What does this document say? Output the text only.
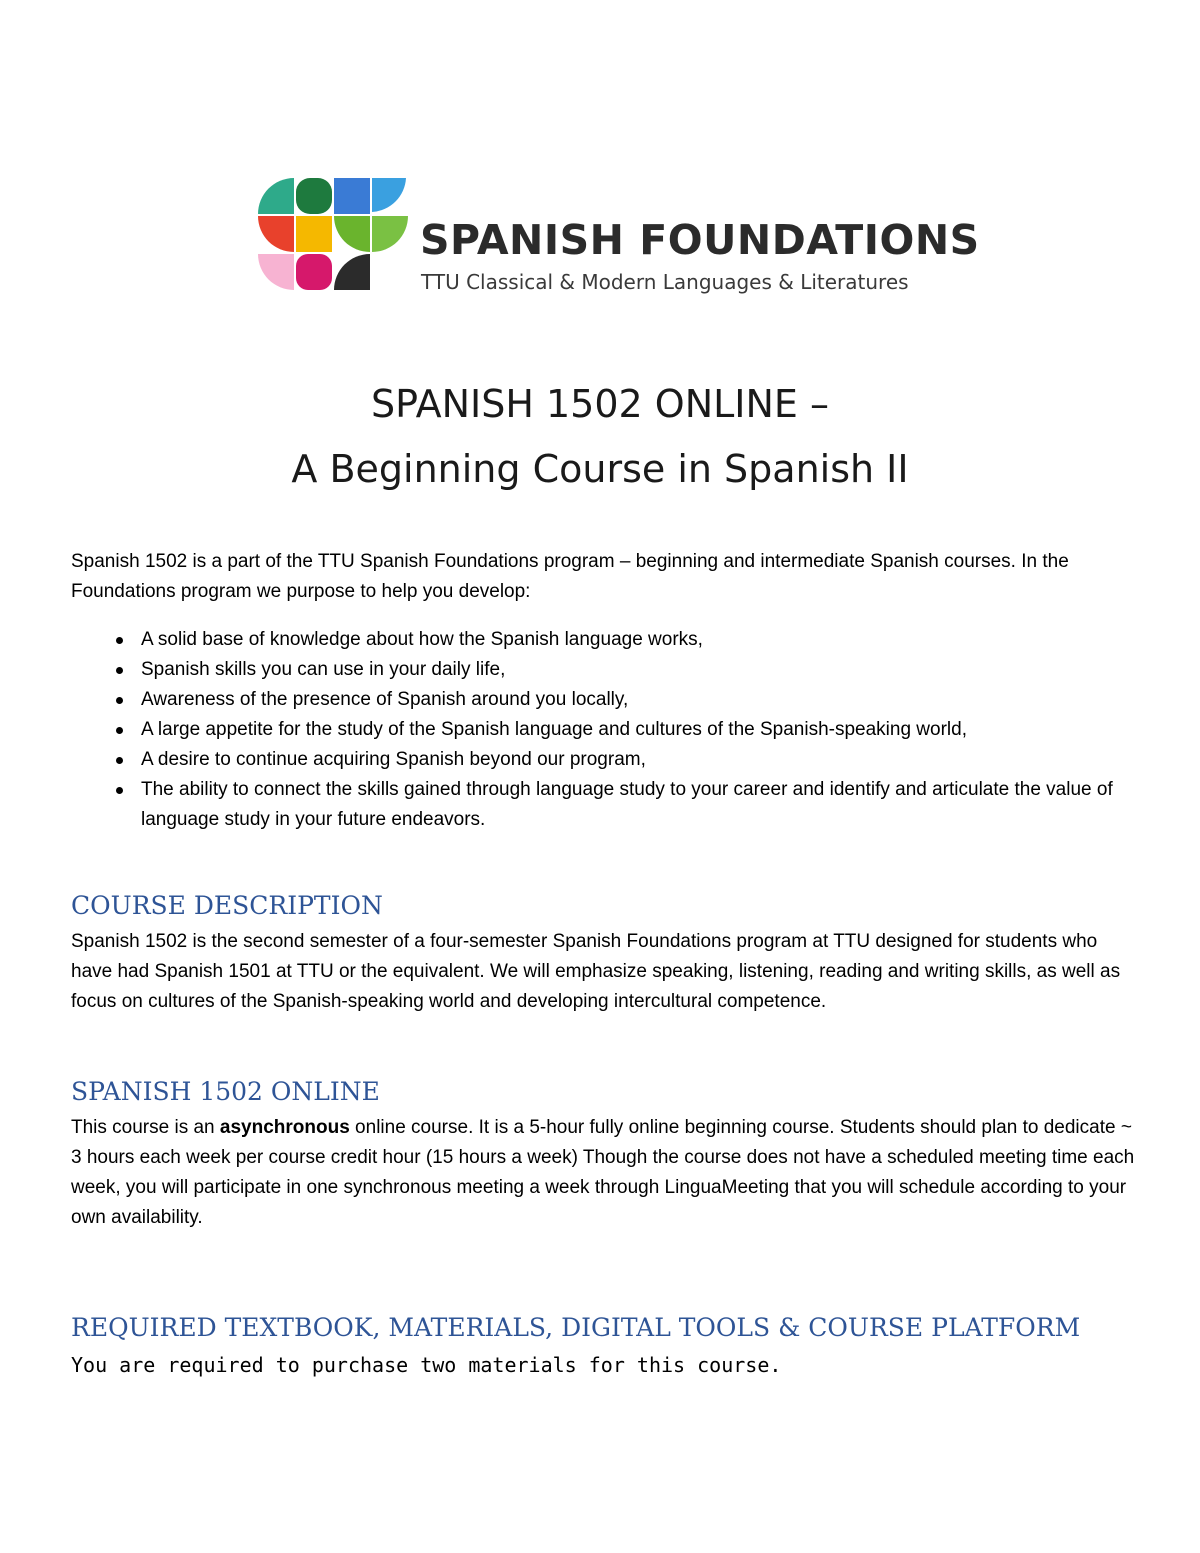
SPANISH FOUNDATIONS
TTU Classical & Modern Languages & Literatures
SPANISH 1502 ONLINE –
A Beginning Course in Spanish II
Spanish 1502 is a part of the TTU Spanish Foundations program – beginning and intermediate Spanish courses. In the Foundations program we purpose to help you develop:
A solid base of knowledge about how the Spanish language works,
Spanish skills you can use in your daily life,
Awareness of the presence of Spanish around you locally,
A large appetite for the study of the Spanish language and cultures of the Spanish-speaking world,
A desire to continue acquiring Spanish beyond our program,
The ability to connect the skills gained through language study to your career and identify and articulate the value of language study in your future endeavors.
COURSE DESCRIPTION
Spanish 1502 is the second semester of a four-semester Spanish Foundations program at TTU designed for students who have had Spanish 1501 at TTU or the equivalent. We will emphasize speaking, listening, reading and writing skills, as well as focus on cultures of the Spanish-speaking world and developing intercultural competence.
SPANISH 1502 ONLINE
This course is an asynchronous online course. It is a 5-hour fully online beginning course. Students should plan to dedicate ~ 3 hours each week per course credit hour (15 hours a week) Though the course does not have a scheduled meeting time each week, you will participate in one synchronous meeting a week through LinguaMeeting that you will schedule according to your own availability.
REQUIRED TEXTBOOK, MATERIALS, DIGITAL TOOLS & COURSE PLATFORM
You are required to purchase two materials for this course.
